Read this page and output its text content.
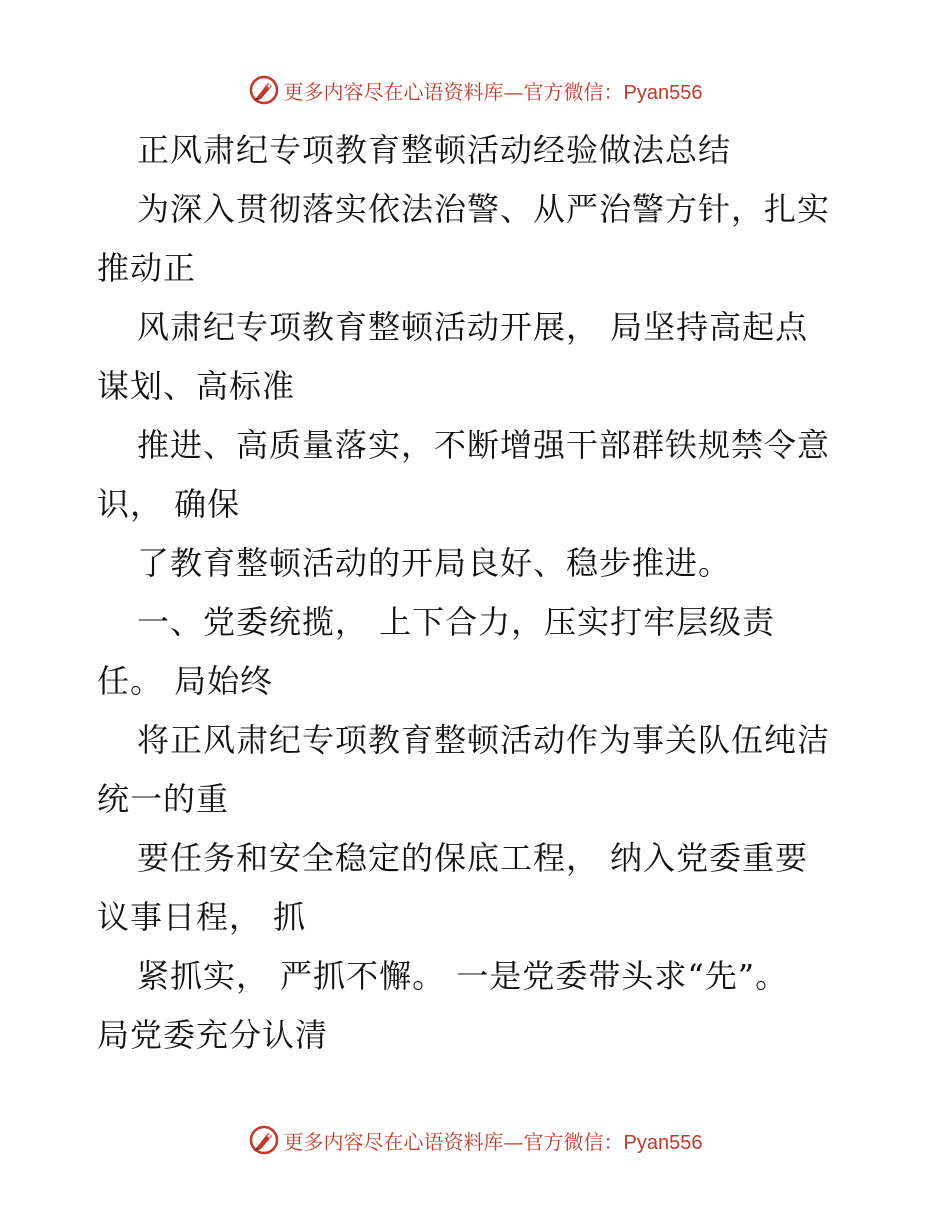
更多内容尽在心语资料库—官方微信：Pyan556
正风肃纪专项教育整顿活动经验做法总结
为深入贯彻落实依法治警、从严治警方针，扎实
推动正
风肃纪专项教育整顿活动开展， 局坚持高起点
谋划、高标准
推进、高质量落实，不断增强干部群铁规禁令意
识， 确保
了教育整顿活动的开局良好、稳步推进。
一、党委统揽， 上下合力，压实打牢层级责
任。 局始终
将正风肃纪专项教育整顿活动作为事关队伍纯洁
统一的重
要任务和安全稳定的保底工程， 纳入党委重要
议事日程， 抓
紧抓实， 严抓不懈。 一是党委带头求“先”。
局党委充分认清
更多内容尽在心语资料库—官方微信：Pyan556
